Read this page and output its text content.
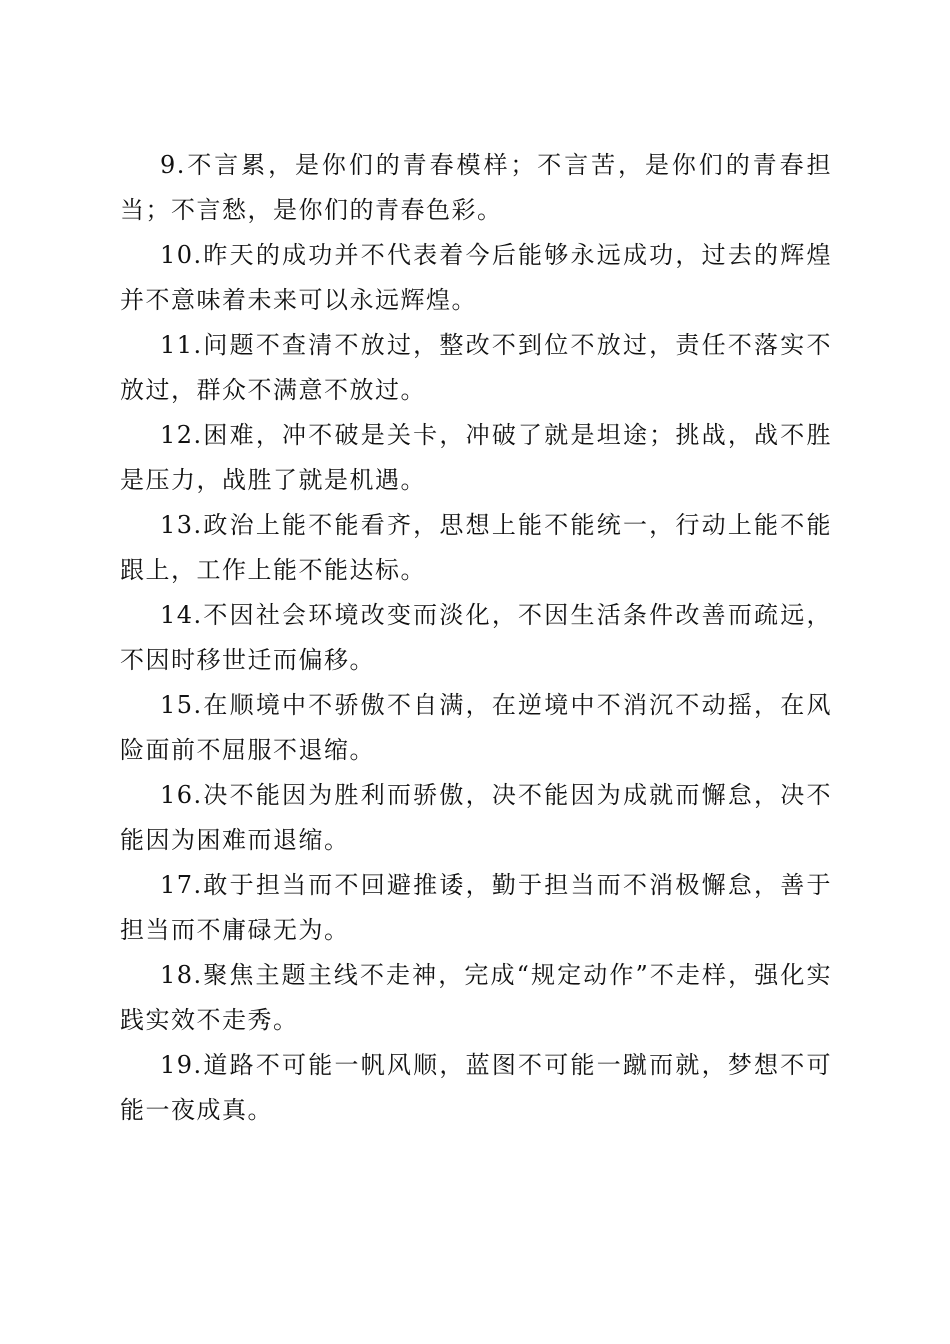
9.不言累，是你们的青春模样；不言苦，是你们的青春担当；不言愁，是你们的青春色彩。

10.昨天的成功并不代表着今后能够永远成功，过去的辉煌并不意味着未来可以永远辉煌。

11.问题不查清不放过，整改不到位不放过，责任不落实不放过，群众不满意不放过。

12.困难，冲不破是关卡，冲破了就是坦途；挑战，战不胜是压力，战胜了就是机遇。

13.政治上能不能看齐，思想上能不能统一，行动上能不能跟上，工作上能不能达标。

14.不因社会环境改变而淡化，不因生活条件改善而疏远，不因时移世迁而偏移。

15.在顺境中不骄傲不自满，在逆境中不消沉不动摇，在风险面前不屈服不退缩。

16.决不能因为胜利而骄傲，决不能因为成就而懈怠，决不能因为困难而退缩。

17.敢于担当而不回避推诿，勤于担当而不消极懈怠，善于担当而不庸碌无为。

18.聚焦主题主线不走神，完成“规定动作”不走样，强化实践实效不走秀。

19.道路不可能一帆风顺，蓝图不可能一蹴而就，梦想不可能一夜成真。
